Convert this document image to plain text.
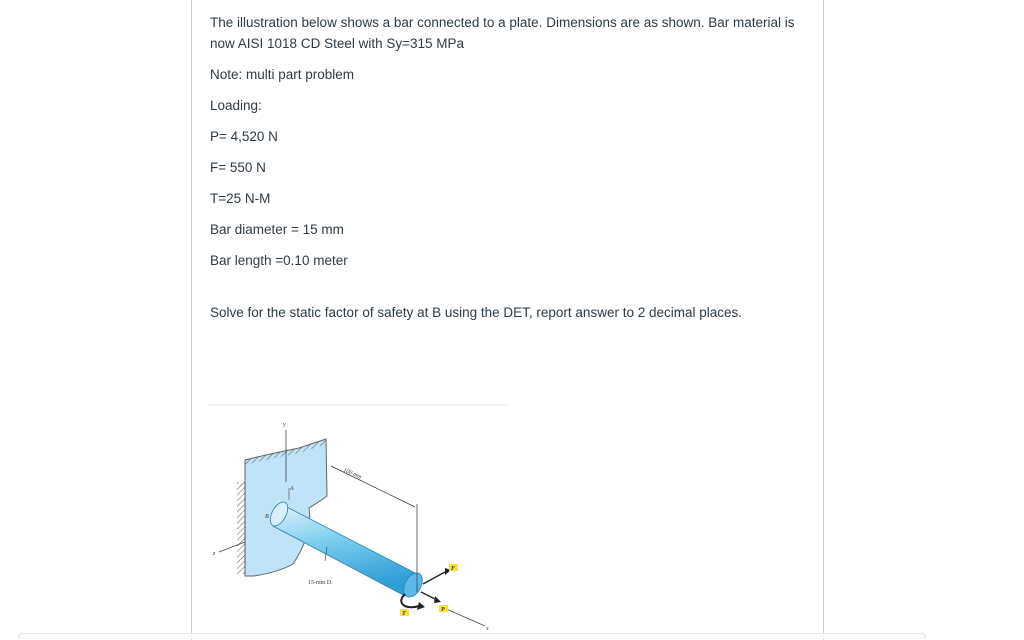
The illustration below shows a bar connected to a plate. Dimensions are as shown. Bar material is now AISI 1018 CD Steel with Sy=315 MPa

Note: multi part problem

Loading:

P= 4,520 N

F= 550 N

T=25 N-M

Bar diameter = 15 mm

Bar length =0.10 meter

Solve for the static factor of safety at B using the DET, report answer to 2 decimal places.

y
z
x
A
B
100 mm
15-mm D.
F
T
P
